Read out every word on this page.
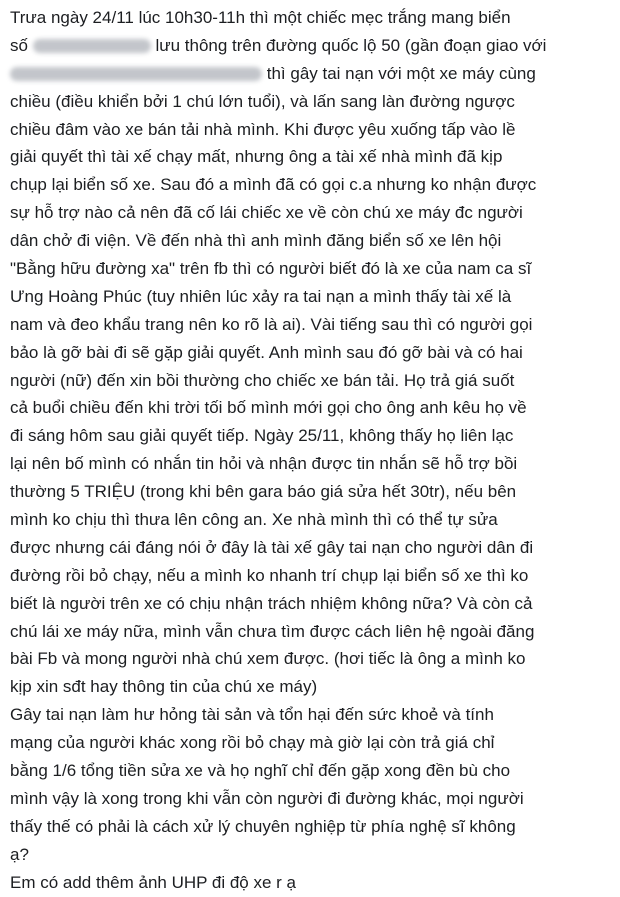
Trưa ngày 24/11 lúc 10h30-11h thì một chiếc mẹc trắng mang biển
số	lưu thông trên đường quốc lộ 50 (gần đoạn giao với
thì gây tai nạn với một xe máy cùng
chiều (điều khiển bởi 1 chú lớn tuổi), và lấn sang làn đường ngược
chiều đâm vào xe bán tải nhà mình. Khi được yêu xuống tấp vào lề
giải quyết thì tài xế chạy mất, nhưng ông a tài xế nhà mình đã kịp
chụp lại biển số xe. Sau đó a mình đã có gọi c.a nhưng ko nhận được
sự hỗ trợ nào cả nên đã cố lái chiếc xe về còn chú xe máy đc người
dân chở đi viện. Về đến nhà thì anh mình đăng biển số xe lên hội
"Bằng hữu đường xa" trên fb thì có người biết đó là xe của nam ca sĩ
Ưng Hoàng Phúc (tuy nhiên lúc xảy ra tai nạn a mình thấy tài xế là
nam và đeo khẩu trang nên ko rõ là ai). Vài tiếng sau thì có người gọi
bảo là gỡ bài đi sẽ gặp giải quyết. Anh mình sau đó gỡ bài và có hai
người (nữ) đến xin bồi thường cho chiếc xe bán tải. Họ trả giá suốt
cả buổi chiều đến khi trời tối bố mình mới gọi cho ông anh kêu họ về
đi sáng hôm sau giải quyết tiếp. Ngày 25/11, không thấy họ liên lạc
lại nên bố mình có nhắn tin hỏi và nhận được tin nhắn sẽ hỗ trợ bồi
thường 5 TRIỆU (trong khi bên gara báo giá sửa hết 30tr), nếu bên
mình ko chịu thì thưa lên công an. Xe nhà mình thì có thể tự sửa
được nhưng cái đáng nói ở đây là tài xế gây tai nạn cho người dân đi
đường rồi bỏ chạy, nếu a mình ko nhanh trí chụp lại biển số xe thì ko
biết là người trên xe có chịu nhận trách nhiệm không nữa? Và còn cả
chú lái xe máy nữa, mình vẫn chưa tìm được cách liên hệ ngoài đăng
bài Fb và mong người nhà chú xem được. (hơi tiếc là ông a mình ko
kịp xin sđt hay thông tin của chú xe máy)
Gây tai nạn làm hư hỏng tài sản và tổn hại đến sức khoẻ và tính
mạng của người khác xong rồi bỏ chạy mà giờ lại còn trả giá chỉ
bằng 1/6 tổng tiền sửa xe và họ nghĩ chỉ đến gặp xong đền bù cho
mình vậy là xong trong khi vẫn còn người đi đường khác, mọi người
thấy thế có phải là cách xử lý chuyên nghiệp từ phía nghệ sĩ không
ạ?
Em có add thêm ảnh UHP đi độ xe r ạ
